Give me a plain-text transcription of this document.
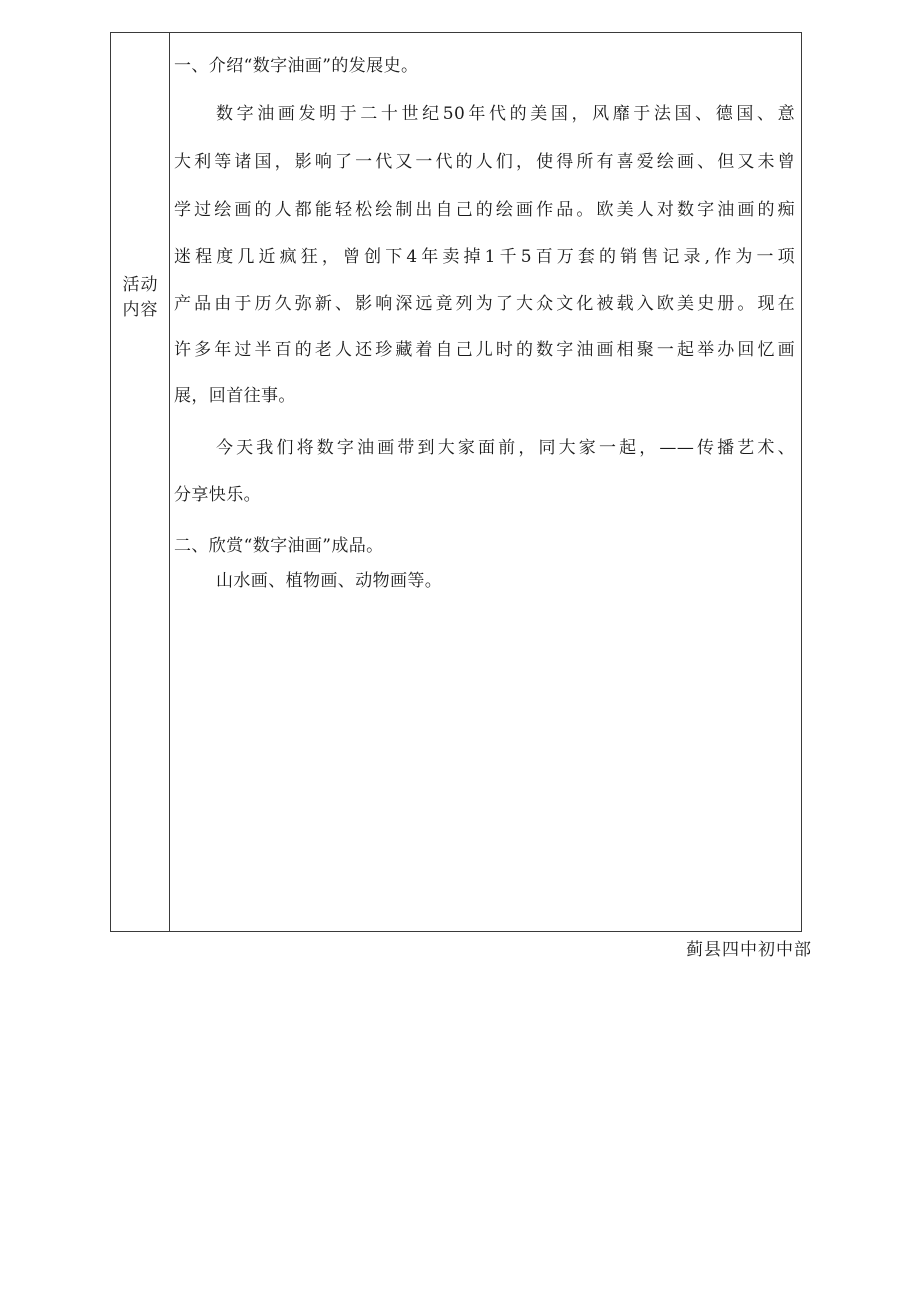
活动
内容
一、介绍“数字油画”的发展史。
数字油画发明于二十世纪50年代的美国，风靡于法国、德国、意
大利等诸国，影响了一代又一代的人们，使得所有喜爱绘画、但又未曾
学过绘画的人都能轻松绘制出自己的绘画作品。欧美人对数字油画的痴
迷程度几近疯狂，曾创下4年卖掉1千5百万套的销售记录,作为一项
产品由于历久弥新、影响深远竟列为了大众文化被载入欧美史册。现在
许多年过半百的老人还珍藏着自己儿时的数字油画相聚一起举办回忆画
展，回首往事。
今天我们将数字油画带到大家面前，同大家一起，——传播艺术、
分享快乐。
二、欣赏“数字油画”成品。
山水画、植物画、动物画等。
蓟县四中初中部
